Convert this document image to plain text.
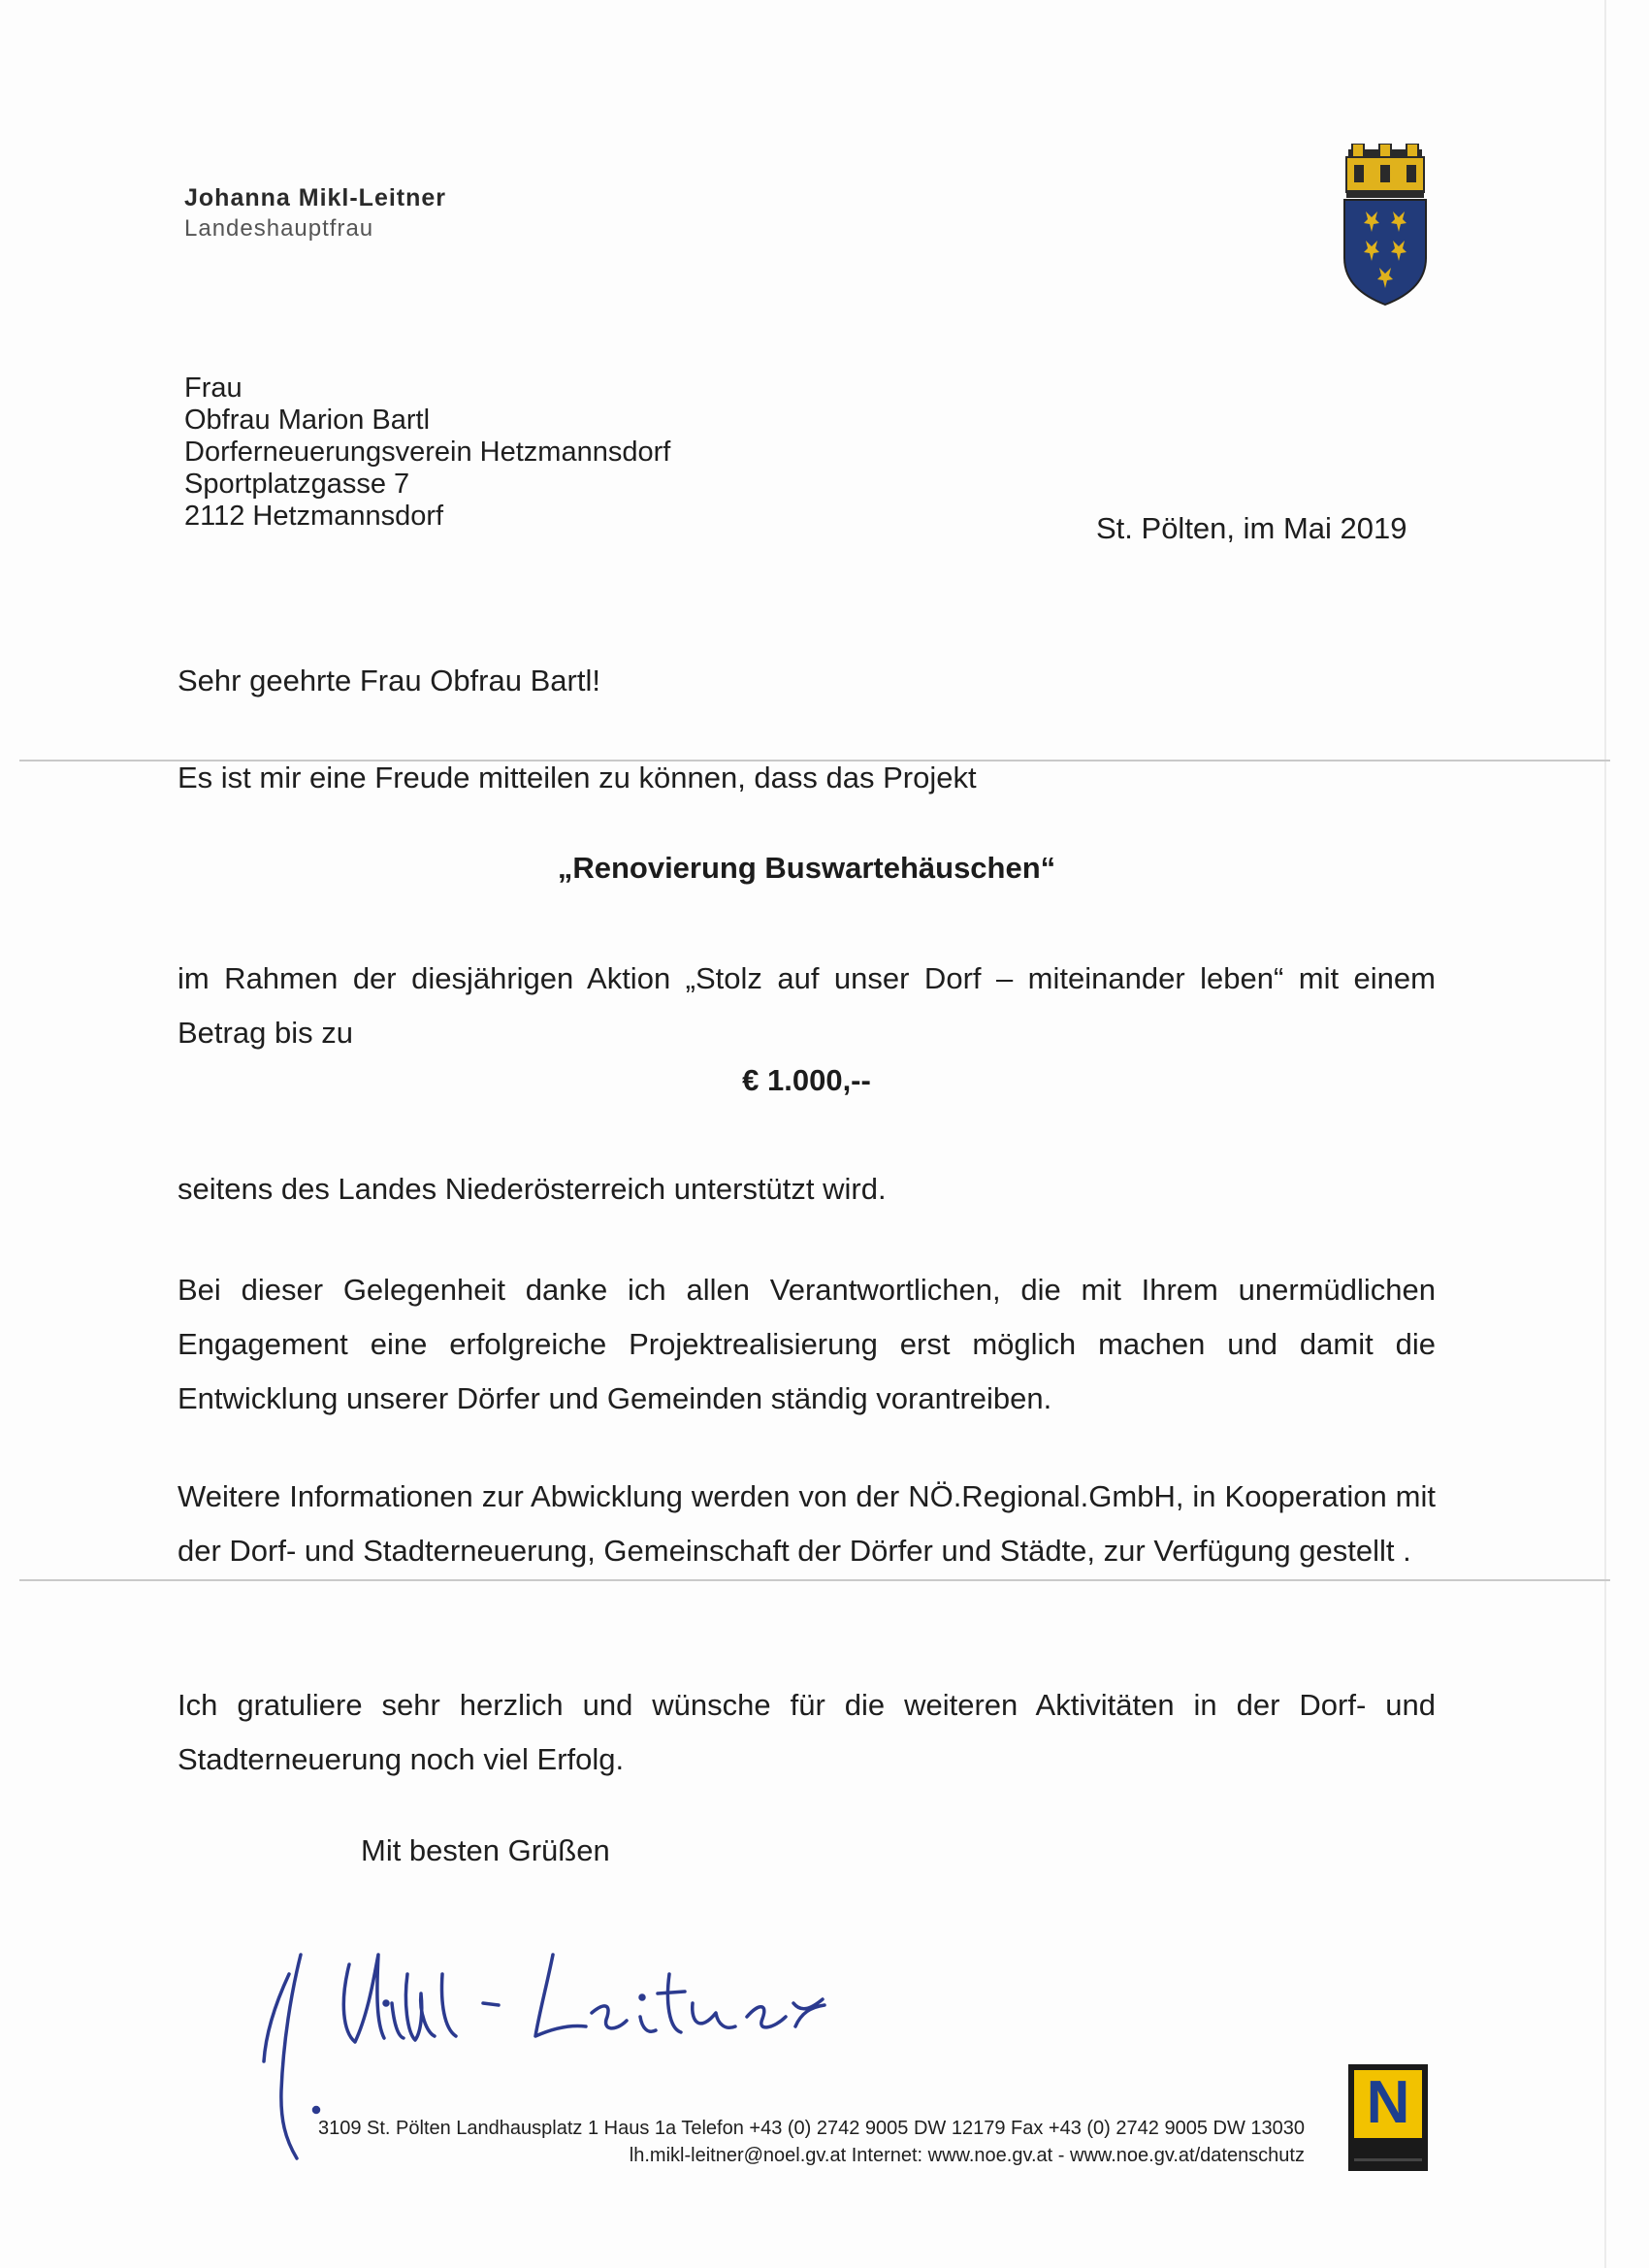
Johanna Mikl-Leitner
Landeshauptfrau
Frau
Obfrau Marion Bartl
Dorferneuerungsverein Hetzmannsdorf
Sportplatzgasse 7
2112 Hetzmannsdorf	St. Pölten, im Mai 2019
Sehr geehrte Frau Obfrau Bartl!
Es ist mir eine Freude mitteilen zu können, dass das Projekt
„Renovierung Buswartehäuschen“
im Rahmen der diesjährigen Aktion „Stolz auf unser Dorf – miteinander leben“ mit einem Betrag bis zu
€ 1.000,--
seitens des Landes Niederösterreich unterstützt wird.
Bei dieser Gelegenheit danke ich allen Verantwortlichen, die mit Ihrem unermüdlichen Engagement eine erfolgreiche Projektrealisierung erst möglich machen und damit die Entwicklung unserer Dörfer und Gemeinden ständig vorantreiben.
Weitere Informationen zur Abwicklung werden von der NÖ.Regional.GmbH, in Kooperation mit der Dorf- und Stadterneuerung, Gemeinschaft der Dörfer und Städte, zur Verfügung gestellt .
Ich gratuliere sehr herzlich und wünsche für die weiteren Aktivitäten in der Dorf- und Stadterneuerung noch viel Erfolg.
Mit besten Grüßen
3109 St. Pölten Landhausplatz 1 Haus 1a Telefon +43 (0) 2742 9005 DW 12179 Fax +43 (0) 2742 9005 DW 13030
lh.mikl-leitner@noel.gv.at Internet: www.noe.gv.at - www.noe.gv.at/datenschutz
N
